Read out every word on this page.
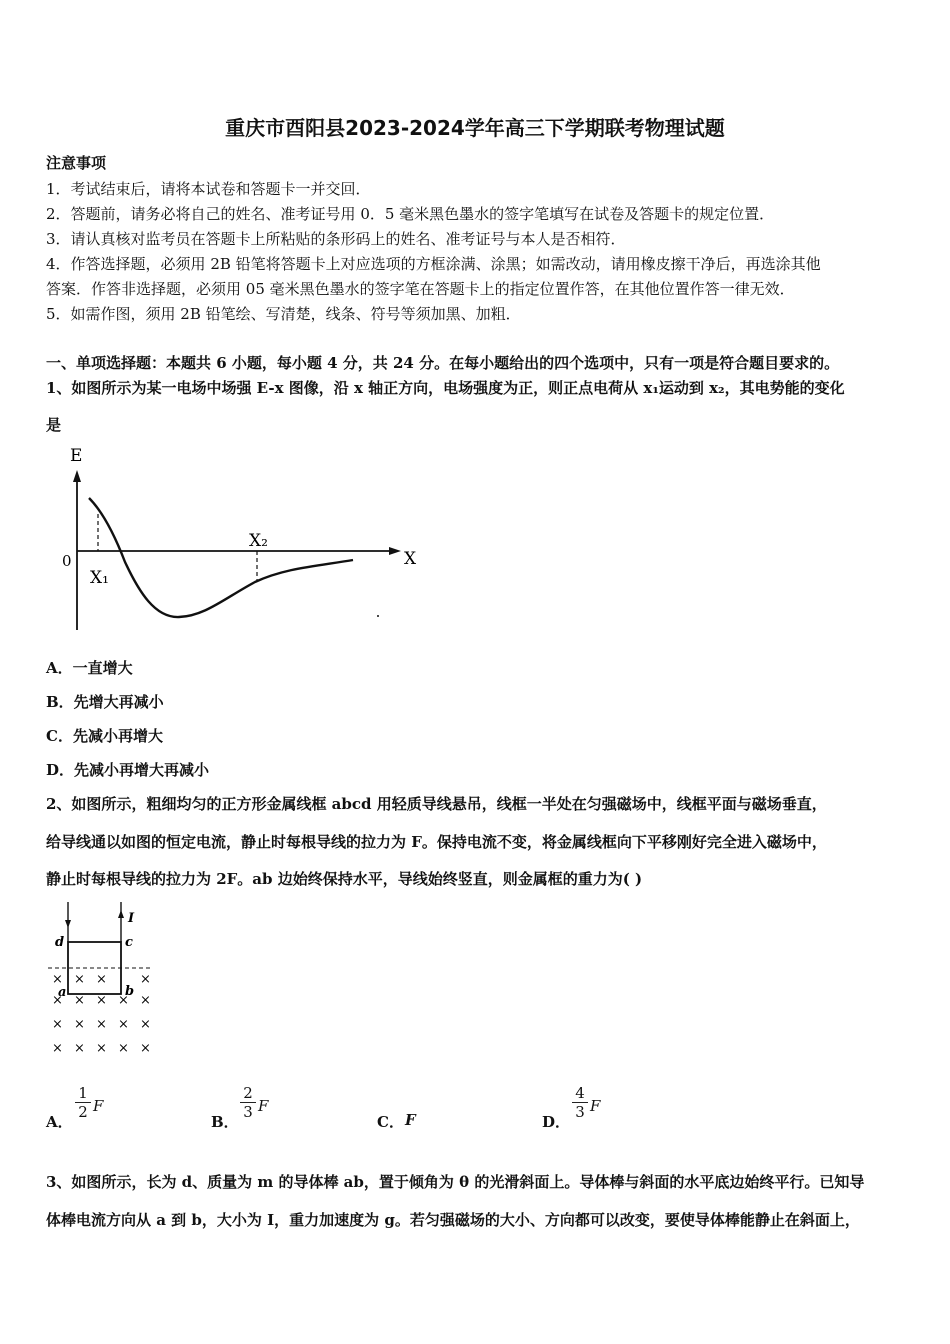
重庆市酉阳县2023-2024学年高三下学期联考物理试题
注意事项
1．考试结束后，请将本试卷和答题卡一并交回．
2．答题前，请务必将自己的姓名、准考证号用 0．5 毫米黑色墨水的签字笔填写在试卷及答题卡的规定位置．
3．请认真核对监考员在答题卡上所粘贴的条形码上的姓名、准考证号与本人是否相符．
4．作答选择题，必须用 2B 铅笔将答题卡上对应选项的方框涂满、涂黑；如需改动，请用橡皮擦干净后，再选涂其他
答案．作答非选择题，必须用 05 毫米黑色墨水的签字笔在答题卡上的指定位置作答，在其他位置作答一律无效．
5．如需作图，须用 2B 铅笔绘、写清楚，线条、符号等须加黑、加粗．
一、单项选择题：本题共 6 小题，每小题 4 分，共 24 分。在每小题给出的四个选项中，只有一项是符合题目要求的。
1、如图所示为某一电场中场强 E-x 图像，沿 x 轴正方向，电场强度为正，则正点电荷从 x₁运动到 x₂，其电势能的变化
是
E
X
0
X₁
X₂
A．一直增大
B．先增大再减小
C．先减小再增大
D．先减小再增大再减小
2、如图所示，粗细均匀的正方形金属线框 abcd 用轻质导线悬吊，线框一半处在匀强磁场中，线框平面与磁场垂直，
给导线通以如图的恒定电流，静止时每根导线的拉力为 F。保持电流不变，将金属线框向下平移刚好完全进入磁场中，
静止时每根导线的拉力为 2F。ab 边始终保持水平，导线始终竖直，则金属框的重力为( )
I
d	c
a	b
× × ×	×
× × × × ×
× × × × ×
× × × × ×
A．
$\frac{1}{2}$ F
B．
$\frac{2}{3}$ F
C． F	D．
$\frac{4}{3}$ F
3、如图所示，长为 d、质量为 m 的导体棒 ab，置于倾角为 θ 的光滑斜面上。导体棒与斜面的水平底边始终平行。已知导
体棒电流方向从 a 到 b，大小为 I，重力加速度为 g。若匀强磁场的大小、方向都可以改变，要使导体棒能静止在斜面上，
